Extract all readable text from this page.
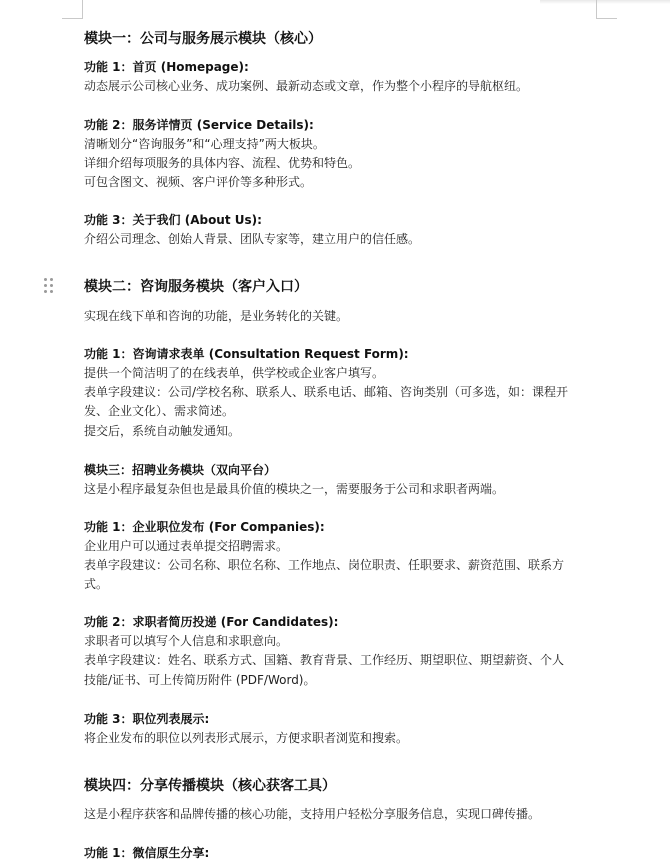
模块一：公司与服务展示模块（核心）
功能 1：首页 (Homepage):
动态展示公司核心业务、成功案例、最新动态或文章，作为整个小程序的导航枢纽。
功能 2：服务详情页 (Service Details):
清晰划分“咨询服务”和“心理支持”两大板块。
详细介绍每项服务的具体内容、流程、优势和特色。
可包含图文、视频、客户评价等多种形式。
功能 3：关于我们 (About Us):
介绍公司理念、创始人背景、团队专家等，建立用户的信任感。
模块二：咨询服务模块（客户入口）
实现在线下单和咨询的功能，是业务转化的关键。
功能 1：咨询请求表单 (Consultation Request Form):
提供一个简洁明了的在线表单，供学校或企业客户填写。
表单字段建议：公司/学校名称、联系人、联系电话、邮箱、咨询类别（可多选，如：课程开
发、企业文化）、需求简述。
提交后，系统自动触发通知。
模块三：招聘业务模块（双向平台）
这是小程序最复杂但也是最具价值的模块之一，需要服务于公司和求职者两端。
功能 1：企业职位发布 (For Companies):
企业用户可以通过表单提交招聘需求。
表单字段建议：公司名称、职位名称、工作地点、岗位职责、任职要求、薪资范围、联系方
式。
功能 2：求职者简历投递 (For Candidates):
求职者可以填写个人信息和求职意向。
表单字段建议：姓名、联系方式、国籍、教育背景、工作经历、期望职位、期望薪资、个人
技能/证书、可上传简历附件 (PDF/Word)。
功能 3：职位列表展示:
将企业发布的职位以列表形式展示，方便求职者浏览和搜索。
模块四：分享传播模块（核心获客工具）
这是小程序获客和品牌传播的核心功能，支持用户轻松分享服务信息，实现口碑传播。
功能 1：微信原生分享:
